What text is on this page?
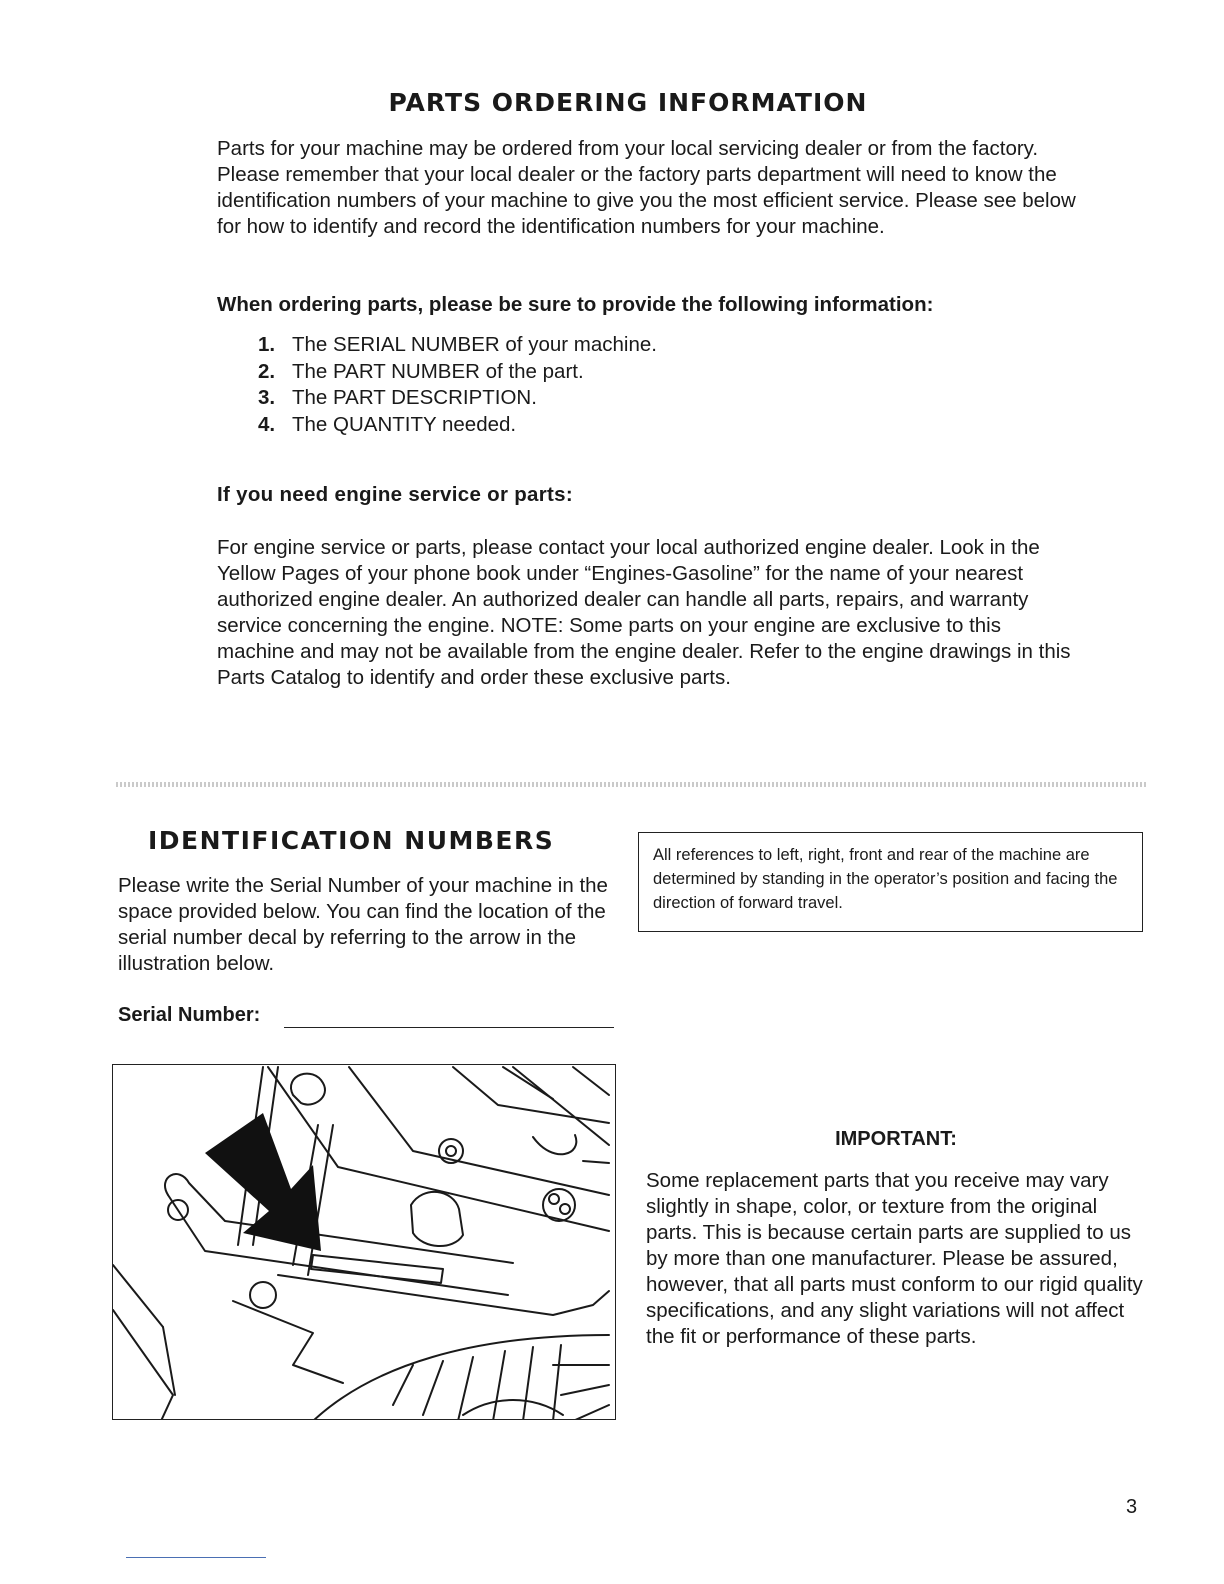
PARTS ORDERING INFORMATION
Parts for your machine may be ordered from your local servicing dealer or from the factory. Please remember that your local dealer or the factory parts department will need to know the identification numbers of your machine to give you the most efficient service. Please see below for how to identify and record the identification numbers for your machine.
When ordering parts, please be sure to provide the following information:
1. The SERIAL NUMBER of your machine.
2. The PART NUMBER of the part.
3. The PART DESCRIPTION.
4. The QUANTITY needed.
If you need engine service or parts:
For engine service or parts, please contact your local authorized engine dealer. Look in the Yellow Pages of your phone book under “Engines-Gasoline” for the name of your nearest authorized engine dealer. An authorized dealer can handle all parts, repairs, and warranty service concerning the engine. NOTE: Some parts on your engine are exclusive to this machine and may not be available from the engine dealer. Refer to the engine drawings in this Parts Catalog to identify and order these exclusive parts.
IDENTIFICATION NUMBERS
Please write the Serial Number of your machine in the space provided below. You can find the location of the serial number decal by referring to the arrow in the illustration below.
All references to left, right, front and rear of the machine are determined by standing in the operator’s position and facing the direction of forward travel.
Serial Number:
IMPORTANT:
Some replacement parts that you receive may vary slightly in shape, color, or texture from the original parts. This is because certain parts are supplied to us by more than one manufacturer. Please be assured, however, that all parts must conform to our rigid quality specifications, and any slight variations will not affect the fit or performance of these parts.
3
